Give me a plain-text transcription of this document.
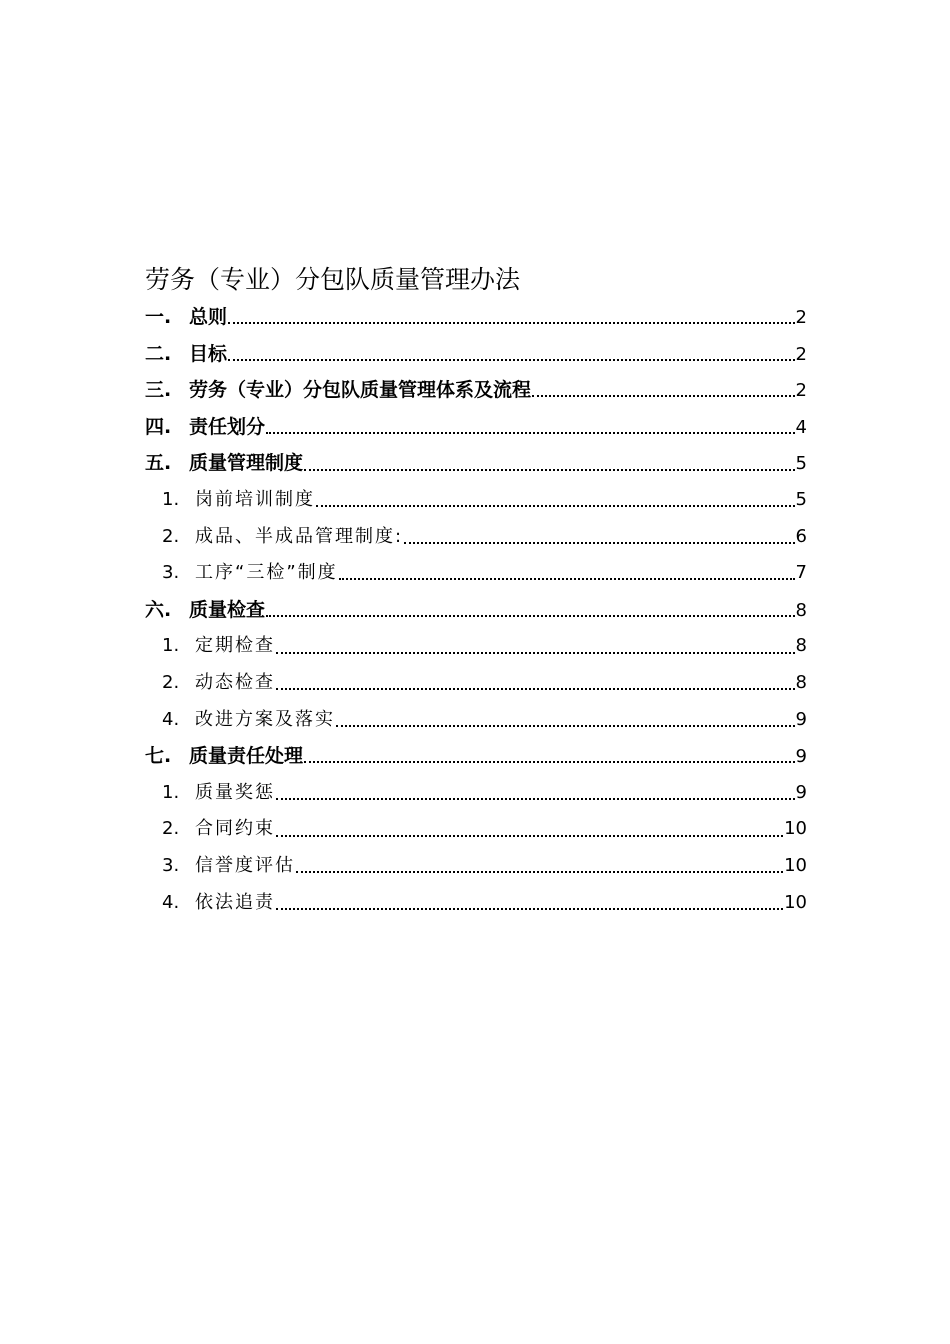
劳务（专业）分包队质量管理办法
一. 总则	2
二. 目标	2
三. 劳务（专业）分包队质量管理体系及流程	2
四. 责任划分	4
五. 质量管理制度	5
1. 岗前培训制度	5
2. 成品、半成品管理制度:	6
3. 工序“三检”制度	7
六. 质量检查	8
1. 定期检查	8
2. 动态检查	8
4. 改进方案及落实	9
七. 质量责任处理	9
1. 质量奖惩	9
2. 合同约束	10
3. 信誉度评估	10
4. 依法追责	10
